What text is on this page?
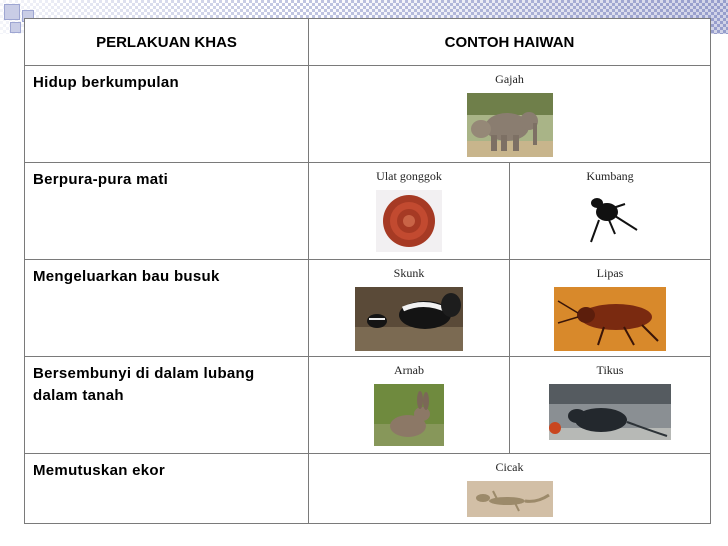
PERLAKUAN KHAS	CONTOH HAIWAN	
Hidup berkumpulan	Gajah	

Berpura-pura mati	Ulat gonggok	Kumbang

Mengeluarkan bau busuk	Skunk	Lipas

Bersembunyi di dalam lubang dalam tanah	Arnab	Tikus

Memutuskan ekor	Cicak	
